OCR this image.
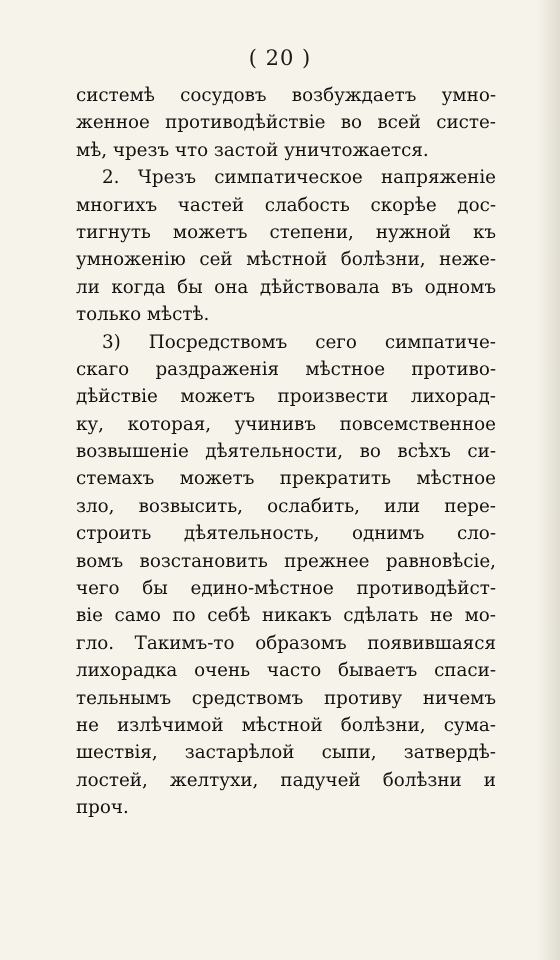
( 20 )
системѣ сосудовъ возбуждаетъ умно-
женное противодѣйствіе во всей систе-
мѣ, чрезъ что застой уничтожается.
2. Чрезъ симпатическое напряженіе
многихъ частей слабость скорѣе дос-
тигнуть можетъ степени, нужной къ
умноженію сей мѣстной болѣзни, неже-
ли когда бы она дѣйствовала въ одномъ
только мѣстѣ.
3) Посредствомъ сего симпатиче-
скаго раздраженія мѣстное противо-
дѣйствіе можетъ произвести лихорад-
ку, которая, учинивъ повсемственное
возвышеніе дѣятельности, во всѣхъ си-
стемахъ можетъ прекратить мѣстное
зло, возвысить, ослабить, или пере-
строить дѣятельность, однимъ сло-
вомъ возстановить прежнее равновѣсіе,
чего бы едино-мѣстное противодѣйст-
віе само по себѣ никакъ сдѣлать не мо-
гло. Такимъ-то образомъ появившаяся
лихорадка очень часто бываетъ спаси-
тельнымъ средствомъ противу ничемъ
не излѣчимой мѣстной болѣзни, сума-
шествія, застарѣлой сыпи, затвердѣ-
лостей, желтухи, падучей болѣзни и
проч.
